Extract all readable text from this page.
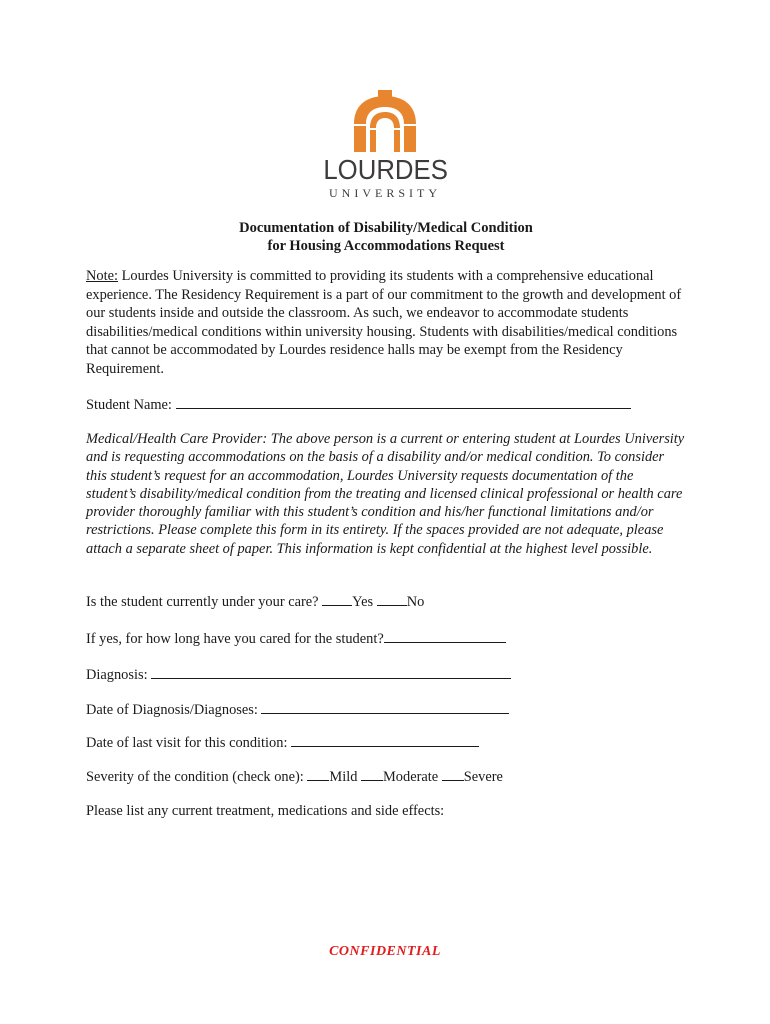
LOURDES
UNIVERSITY
Documentation of Disability/Medical Condition
for Housing Accommodations Request
Note: Lourdes University is committed to providing its students with a comprehensive educational experience. The Residency Requirement is a part of our commitment to the growth and development of our students inside and outside the classroom. As such, we endeavor to accommodate students disabilities/medical conditions within university housing. Students with disabilities/medical conditions that cannot be accommodated by Lourdes residence halls may be exempt from the Residency Requirement.
Student Name:
Medical/Health Care Provider: The above person is a current or entering student at Lourdes University and is requesting accommodations on the basis of a disability and/or medical condition. To consider this student’s request for an accommodation, Lourdes University requests documentation of the student’s disability/medical condition from the treating and licensed clinical professional or health care provider thoroughly familiar with this student’s condition and his/her functional limitations and/or restrictions. Please complete this form in its entirety. If the spaces provided are not adequate, please attach a separate sheet of paper. This information is kept confidential at the highest level possible.
Is the student currently under your care? Yes No
If yes, for how long have you cared for the student?
Diagnosis:
Date of Diagnosis/Diagnoses:
Date of last visit for this condition:
Severity of the condition (check one): Mild Moderate Severe
Please list any current treatment, medications and side effects:
CONFIDENTIAL
